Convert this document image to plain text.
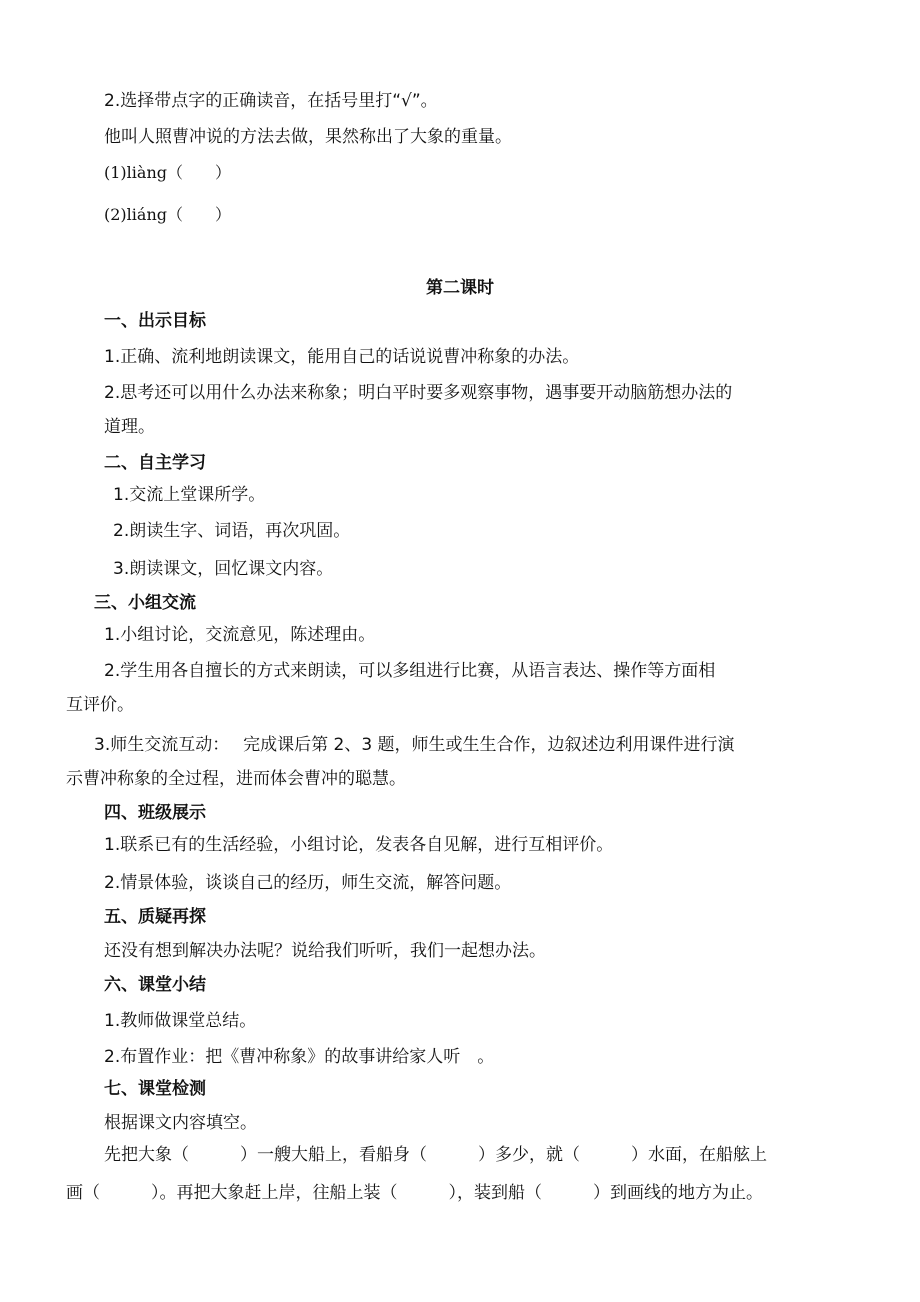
2.选择带点字的正确读音，在括号里打“√”。

他叫人照曹冲说的方法去做，果然称出了大象的重量。

(1)liàng（　　）

(2)liáng（　　）

第二课时

一、出示目标

1.正确、流利地朗读课文，能用自己的话说说曹冲称象的办法。

2.思考还可以用什么办法来称象；明白平时要多观察事物，遇事要开动脑筋想办法的

道理。

二、自主学习

1.交流上堂课所学。

2.朗读生字、词语，再次巩固。

3.朗读课文，回忆课文内容。

三、小组交流

1.小组讨论，交流意见，陈述理由。

2.学生用各自擅长的方式来朗读，可以多组进行比赛，从语言表达、操作等方面相

互评价。

3.师生交流互动：　 完成课后第 2、3 题，师生或生生合作，边叙述边利用课件进行演

示曹冲称象的全过程，进而体会曹冲的聪慧。

四、班级展示

1.联系已有的生活经验，小组讨论，发表各自见解，进行互相评价。

2.情景体验，谈谈自己的经历，师生交流，解答问题。

五、质疑再探

还没有想到解决办法呢？说给我们听听，我们一起想办法。

六、课堂小结

1.教师做课堂总结。

2.布置作业：把《曹冲称象》的故事讲给家人听　。

七、课堂检测

根据课文内容填空。

先把大象（　　　）一艘大船上，看船身（　　　）多少，就（　　　）水面，在船舷上

画（　　　）。再把大象赶上岸，往船上装（　　　），装到船（　　　）到画线的地方为止。
